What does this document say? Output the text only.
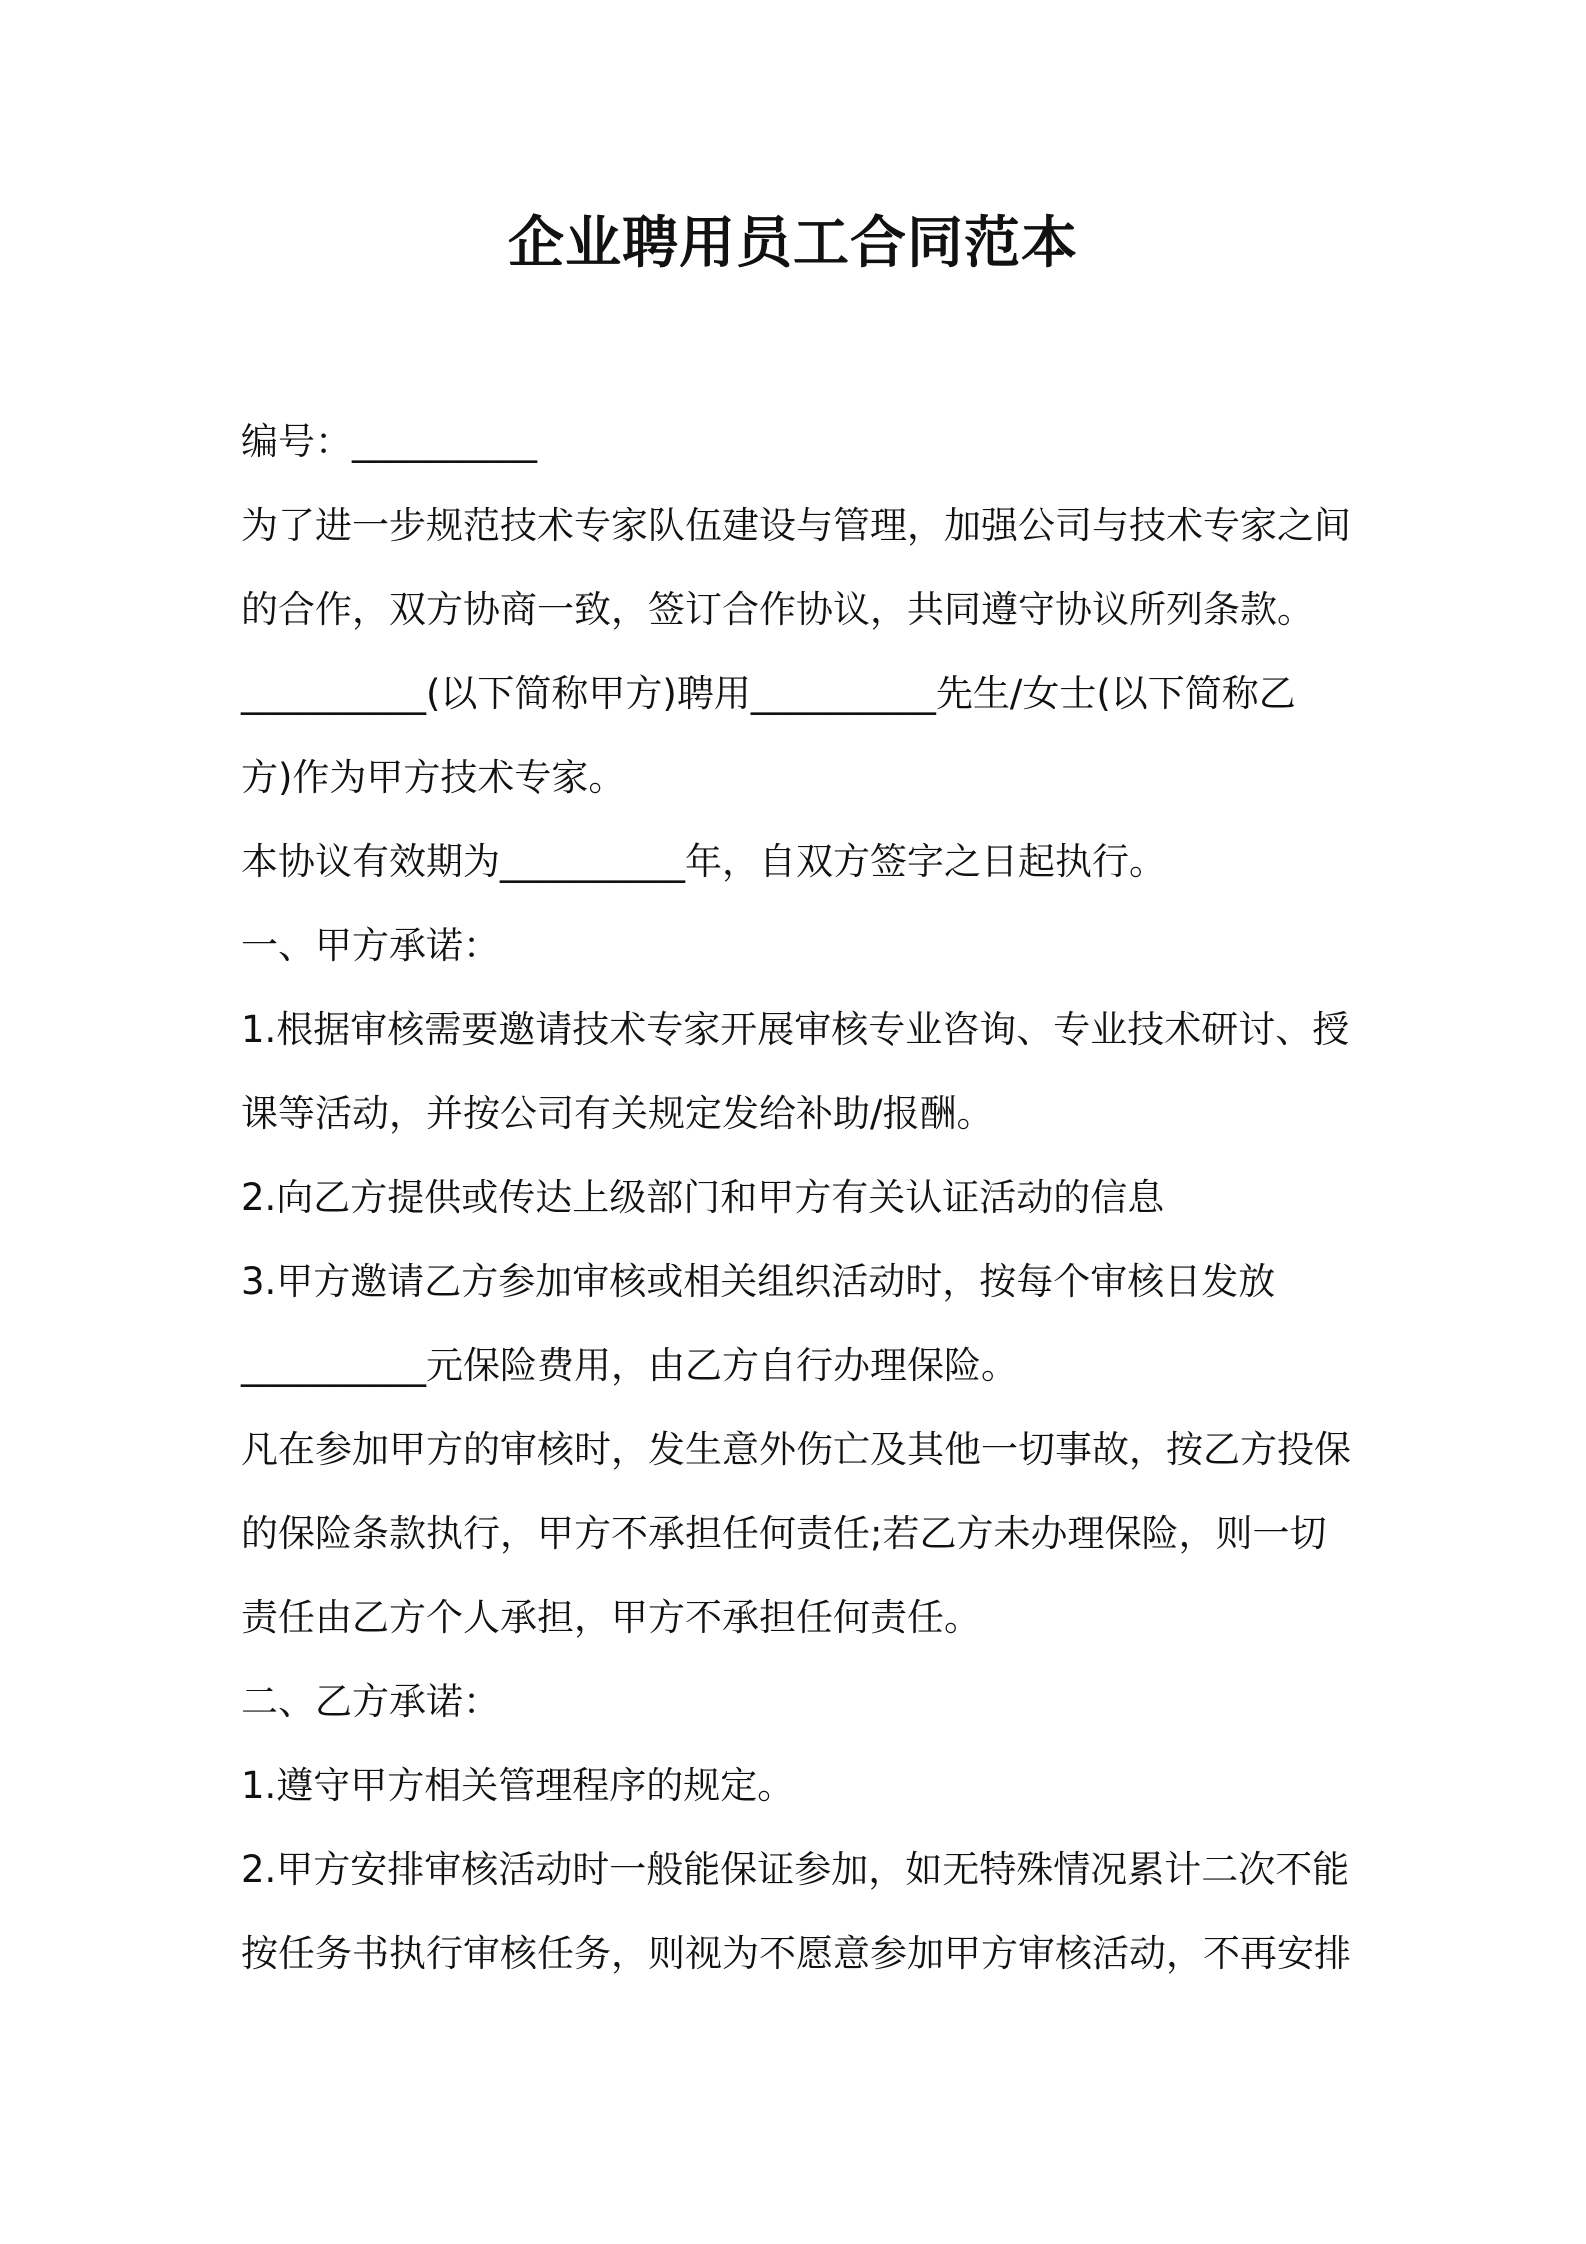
企业聘用员工合同范本

编号：__________

为了进一步规范技术专家队伍建设与管理，加强公司与技术专家之间

的合作，双方协商一致，签订合作协议，共同遵守协议所列条款。

__________(以下简称甲方)聘用__________先生/女士(以下简称乙

方)作为甲方技术专家。

本协议有效期为__________年，自双方签字之日起执行。

一、甲方承诺：

1.根据审核需要邀请技术专家开展审核专业咨询、专业技术研讨、授

课等活动，并按公司有关规定发给补助/报酬。

2.向乙方提供或传达上级部门和甲方有关认证活动的信息

3.甲方邀请乙方参加审核或相关组织活动时，按每个审核日发放

__________元保险费用，由乙方自行办理保险。

凡在参加甲方的审核时，发生意外伤亡及其他一切事故，按乙方投保

的保险条款执行，甲方不承担任何责任;若乙方未办理保险，则一切

责任由乙方个人承担，甲方不承担任何责任。

二、乙方承诺：

1.遵守甲方相关管理程序的规定。

2.甲方安排审核活动时一般能保证参加，如无特殊情况累计二次不能

按任务书执行审核任务，则视为不愿意参加甲方审核活动，不再安排
